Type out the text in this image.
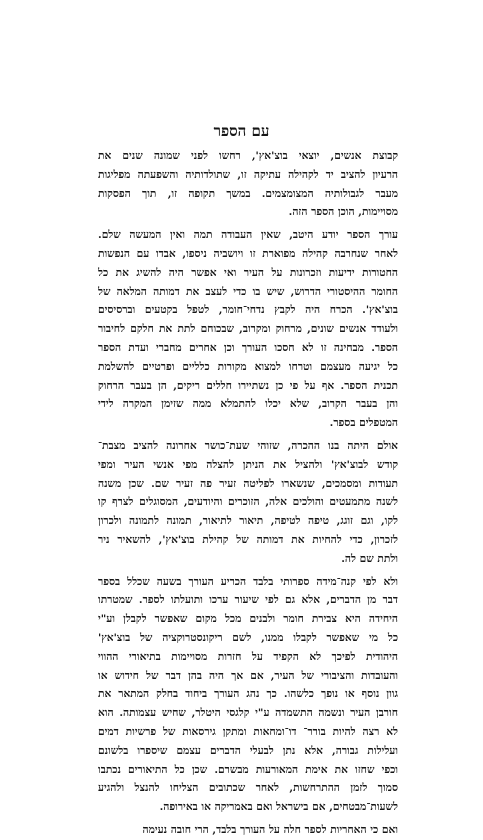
עם הספר
קבוצת אנשים, יוצאי בוצ'אץ', רחשו לפני שמונה שנים את
הרעיון להציב יד לקהילה עתיקה זו, שתולדותיה והשפעתה מפליגות
מעבר לגבולותיה המצומצמים. במשך תקופה זו, תוך הפסקות
מסויימות, הוכן הספר הזה.
עורך הספר יודע היטב, שאין העבודה תמה ואין המעשה שלם.
לאחר שנחרבה קהילה מפוארת זו ויושביה ניספו, אבדו עם הנפשות
החטורות ידיעות וזכרונות על העיר ואי אפשר היה להשיג את כל
החומר ההיסטורי הדרוש, שיש בו כדי לעצב את דמותה המלאה של
בוצ'אץ'. הכרח היה לקבץ נדחי־חומר, לטפל בקטעים וברסיסים
ולעודד אנשים שונים, מרחוק ומקרוב, שבכוחם לתת את חלקם לחיבור
הספר. מבחינה זו לא חסכו העורך וכן אחרים מחברי ועדת הספר
כל יגיעה מעצמם וטרחו למצוא מקורות כלליים ופרטיים להשלמת
תכנית הספר. אף על פי כן נשתיירו חללים ריקים, הן בעבר הרחוק
והן בעבר הקרוב, שלא יכלו להתמלא ממה שזימן המקרה לידי
המטפלים בספר.
אולם היתה בנו ההכרה, שזוהי שעת־כושר אחרונה להציב מצבת־
קודש לבוצ'אץ' ולהציל את הניתן להצלה מפי אנשי העיר ומפי
תעודות ומסמכים, שנשארו לפליטה זעיר פה זעיר שם. שכן משנה
לשנה מתמעטים והולכים אלה, הזוכרים והיודעים, המסוגלים לצרף קו
לקו, וגם זוגג, טיפה לטיפה, תיאור לתיאור, תמונה לתמונה ולכרון
לזכרון, כדי להחיות את דמותה של קהילת בוצ'אץ', להשאיר ניר
ולתת שם לה.
ולא לפי קנה־מידה ספרותי בלבד הכריע העורך בשעה שכלל בספר
דבר מן הדברים, אלא גם לפי שיעור ערכו ותועלתו לספר. שמטרתו
היחידה היא צבירת חומר ולבנים מכל מקום שאפשר לקבלן וע"י
כל מי שאפשר לקבלו ממנו, לשם ריקונסטרוקציה של בוצ'אץ'
היהודית לפיכך לא הקפיד על חזרות מסויימות בתיאורי ההווי
והעובדות והציבורי של העיר, אם אך היה בהן דבר של חידוש או
גוון נוסף או נופך כלשהו. כך נהג העורך ביחוד בחלק המתאר את
חורבן העיר ונשמה התשמדה ע"י קלגסי היטלר, שחיש עצמותה. הוא
לא רצה להיות בורר־ דו־ומחאות ומתקן גירסאות של פרשיות דמים
ועלילות גבורה, אלא נתן לבעלי הדברים עצמם שיספרו בלשונם
וכפי שחזו את אימת המאורעות מבשרם. שכן כל התיאורים נכתבו
סמוך לזמן ההתרחשות, לאחר שכתובים הצליחו להנצל ולהגיע
לשעות־מבטחים, אם בישראל ואם באמריקה או באירופה.
ואם כי האחריות לספר חלה על העורך בלבד, הרי חובה נעימה
